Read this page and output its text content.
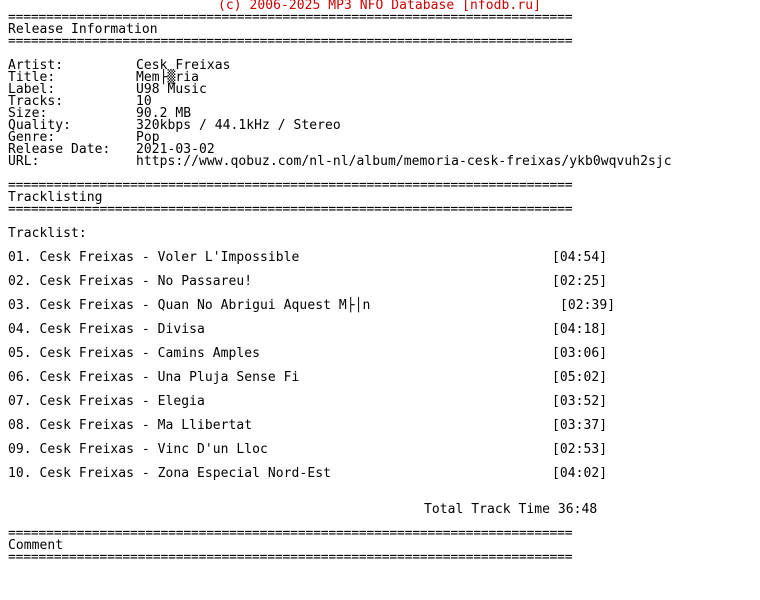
(c) 2006-2025 MP3 NFO Database [nfodb.ru]
==========================================================================
Release Information
==========================================================================
Artist:	Cesk Freixas
Title:	Mem├▒ria
Label:	U98 Music
Tracks:	10
Size:	90.2 MB
Quality:	320kbps / 44.1kHz / Stereo
Genre:	Pop
Release Date: 2021-03-02
URL:	https://www.qobuz.com/nl-nl/album/memoria-cesk-freixas/ykb0wqvuh2sjc
==========================================================================
Tracklisting
==========================================================================
Tracklist:
01. Cesk Freixas - Voler L'Impossible	[04:54]
02. Cesk Freixas - No Passareu!	[02:25]
03. Cesk Freixas - Quan No Abrigui Aquest M├│n	[02:39]
04. Cesk Freixas - Divisa	[04:18]
05. Cesk Freixas - Camins Amples	[03:06]
06. Cesk Freixas - Una Pluja Sense Fi	[05:02]
07. Cesk Freixas - Elegia	[03:52]
08. Cesk Freixas - Ma Llibertat	[03:37]
09. Cesk Freixas - Vinc D'un Lloc	[02:53]
10. Cesk Freixas - Zona Especial Nord-Est	[04:02]
Total Track Time 36:48
==========================================================================
Comment
==========================================================================
